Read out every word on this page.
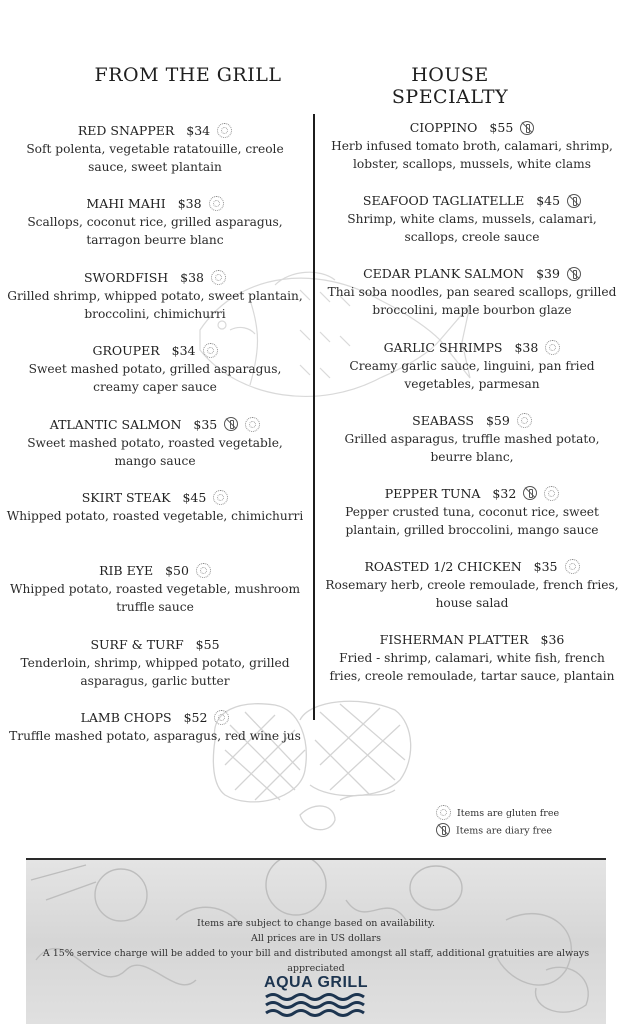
FROM THE GRILL	HOUSE SPECIALTY
RED SNAPPER $34
Soft polenta, vegetable ratatouille, creole sauce, sweet plantain
MAHI MAHI $38
Scallops, coconut rice, grilled asparagus, tarragon beurre blanc
SWORDFISH $38
Grilled shrimp, whipped potato, sweet plantain, broccolini, chimichurri
GROUPER $34
Sweet mashed potato, grilled asparagus, creamy caper sauce
ATLANTIC SALMON $35
Sweet mashed potato, roasted vegetable, mango sauce
SKIRT STEAK $45
Whipped potato, roasted vegetable, chimichurri
RIB EYE $50
Whipped potato, roasted vegetable, mushroom truffle sauce
SURF & TURF $55
Tenderloin, shrimp, whipped potato, grilled asparagus, garlic butter
LAMB CHOPS $52
Truffle mashed potato, asparagus, red wine jus
CIOPPINO $55
Herb infused tomato broth, calamari, shrimp, lobster, scallops, mussels, white clams
SEAFOOD TAGLIATELLE $45
Shrimp, white clams, mussels, calamari, scallops, creole sauce
CEDAR PLANK SALMON $39
Thai soba noodles, pan seared scallops, grilled broccolini, maple bourbon glaze
GARLIC SHRIMPS $38
Creamy garlic sauce, linguini, pan fried vegetables, parmesan
SEABASS $59
Grilled asparagus, truffle mashed potato, beurre blanc,
PEPPER TUNA $32
Pepper crusted tuna, coconut rice, sweet plantain, grilled broccolini, mango sauce
ROASTED 1/2 CHICKEN $35
Rosemary herb, creole remoulade, french fries, house salad
FISHERMAN PLATTER $36
Fried - shrimp, calamari, white fish, french fries, creole remoulade, tartar sauce, plantain
Items are gluten free
Items are diary free
Items are subject to change based on availability.
All prices are in US dollars
A 15% service charge will be added to your bill and distributed amongst all staff, additional gratuities are always appreciated
AQUA GRILL
